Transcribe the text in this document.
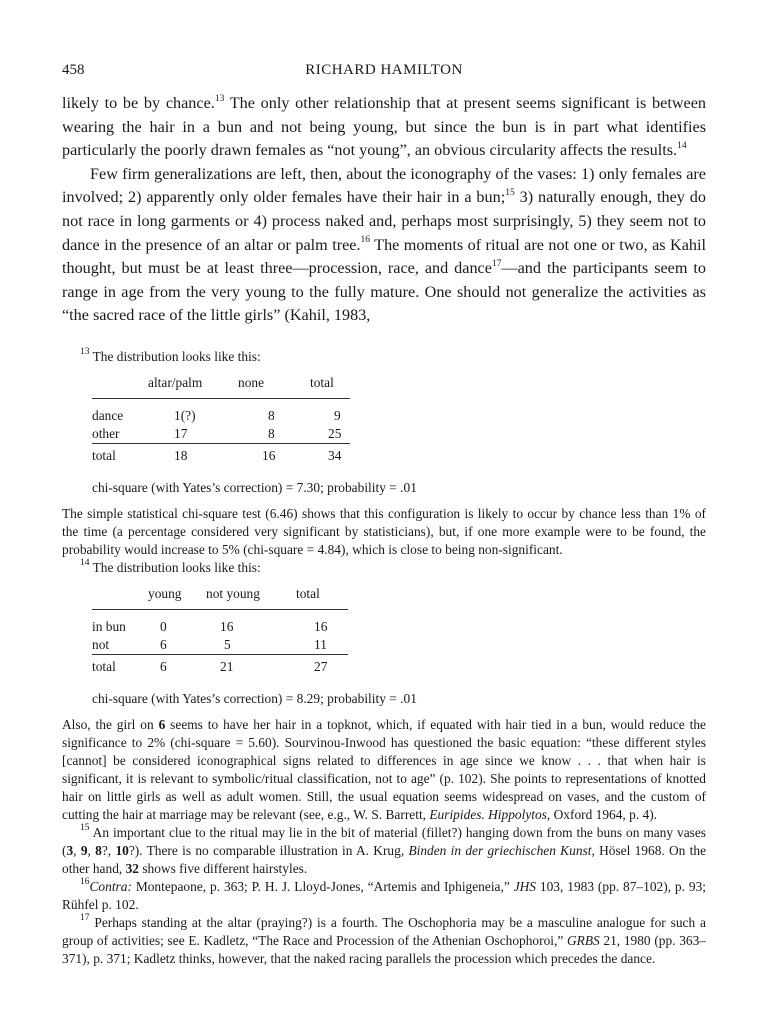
458	RICHARD HAMILTON

likely to be by chance.$^{13}$ The only other relationship that at present seems significant is between wearing the hair in a bun and not being young, but since the bun is in part what identifies particularly the poorly drawn females as “not young”, an obvious circularity affects the results.$^{14}$

Few firm generalizations are left, then, about the iconography of the vases: 1) only females are involved; 2) apparently only older females have their hair in a bun;$^{15}$ 3) naturally enough, they do not race in long garments or 4) process naked and, perhaps most surprisingly, 5) they seem not to dance in the presence of an altar or palm tree.$^{16}$ The moments of ritual are not one or two, as Kahil thought, but must be at least three—procession, race, and dance$^{17}$—and the participants seem to range in age from the very young to the fully mature. One should not generalize the activities as “the sacred race of the little girls” (Kahil, 1983,

$^{13}$ The distribution looks like this:

	altar/palm	none	total
dance	1(?)	8	9
other	17	8	25
total	18	16	34
chi-square (with Yates’s correction) = 7.30; probability = .01

The simple statistical chi-square test (6.46) shows that this configuration is likely to occur by chance less than 1% of the time (a percentage considered very significant by statisticians), but, if one more example were to be found, the probability would increase to 5% (chi-square = 4.84), which is close to being non-significant.

$^{14}$ The distribution looks like this:

	young	not young	total
in bun	0	16	16
not	6	5	11
total	6	21	27
chi-square (with Yates’s correction) = 8.29; probability = .01

Also, the girl on 6 seems to have her hair in a topknot, which, if equated with hair tied in a bun, would reduce the significance to 2% (chi-square = 5.60). Sourvinou-Inwood has questioned the basic equation: “these different styles [cannot] be considered iconographical signs related to differences in age since we know . . . that when hair is significant, it is relevant to symbolic/ritual classification, not to age” (p. 102). She points to representations of knotted hair on little girls as well as adult women. Still, the usual equation seems widespread on vases, and the custom of cutting the hair at marriage may be relevant (see, e.g., W. S. Barrett, Euripides. Hippolytos, Oxford 1964, p. 4).

$^{15}$ An important clue to the ritual may lie in the bit of material (fillet?) hanging down from the buns on many vases (3, 9, 8?, 10?). There is no comparable illustration in A. Krug, Binden in der griechischen Kunst, Hösel 1968. On the other hand, 32 shows five different hairstyles.

$^{16}$Contra: Montepaone, p. 363; P. H. J. Lloyd-Jones, “Artemis and Iphigeneia,” JHS 103, 1983 (pp. 87–102), p. 93; Rühfel p. 102.

$^{17}$ Perhaps standing at the altar (praying?) is a fourth. The Oschophoria may be a masculine analogue for such a group of activities; see E. Kadletz, “The Race and Procession of the Athenian Oschophoroi,” GRBS 21, 1980 (pp. 363–371), p. 371; Kadletz thinks, however, that the naked racing parallels the procession which precedes the dance.
